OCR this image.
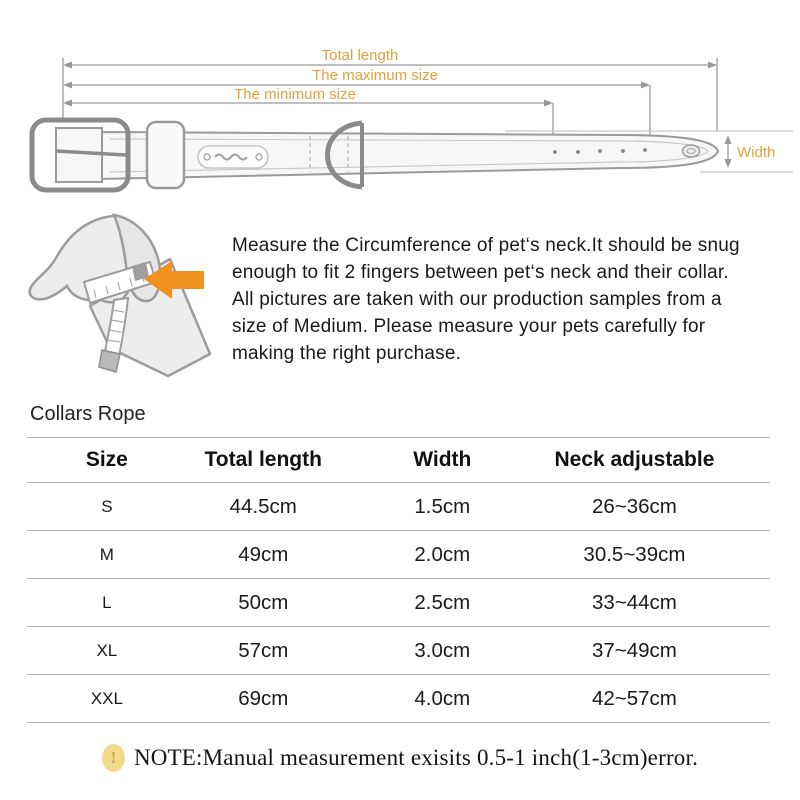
Total length
The maximum size
The minimum size
Width
Measure the Circumference of pet‘s neck.It should be snug
enough to fit 2 fingers between pet‘s neck and their collar.
All pictures are taken with our production samples from a
size of Medium. Please measure your pets carefully for
making the right purchase.
Collars Rope
Size	Total length	Width	Neck adjustable
S	44.5cm	1.5cm	26~36cm
M	49cm	2.0cm	30.5~39cm
L	50cm	2.5cm	33~44cm
XL	57cm	3.0cm	37~49cm
XXL	69cm	4.0cm	42~57cm
! NOTE:Manual measurement exisits 0.5-1 inch(1-3cm)error.
